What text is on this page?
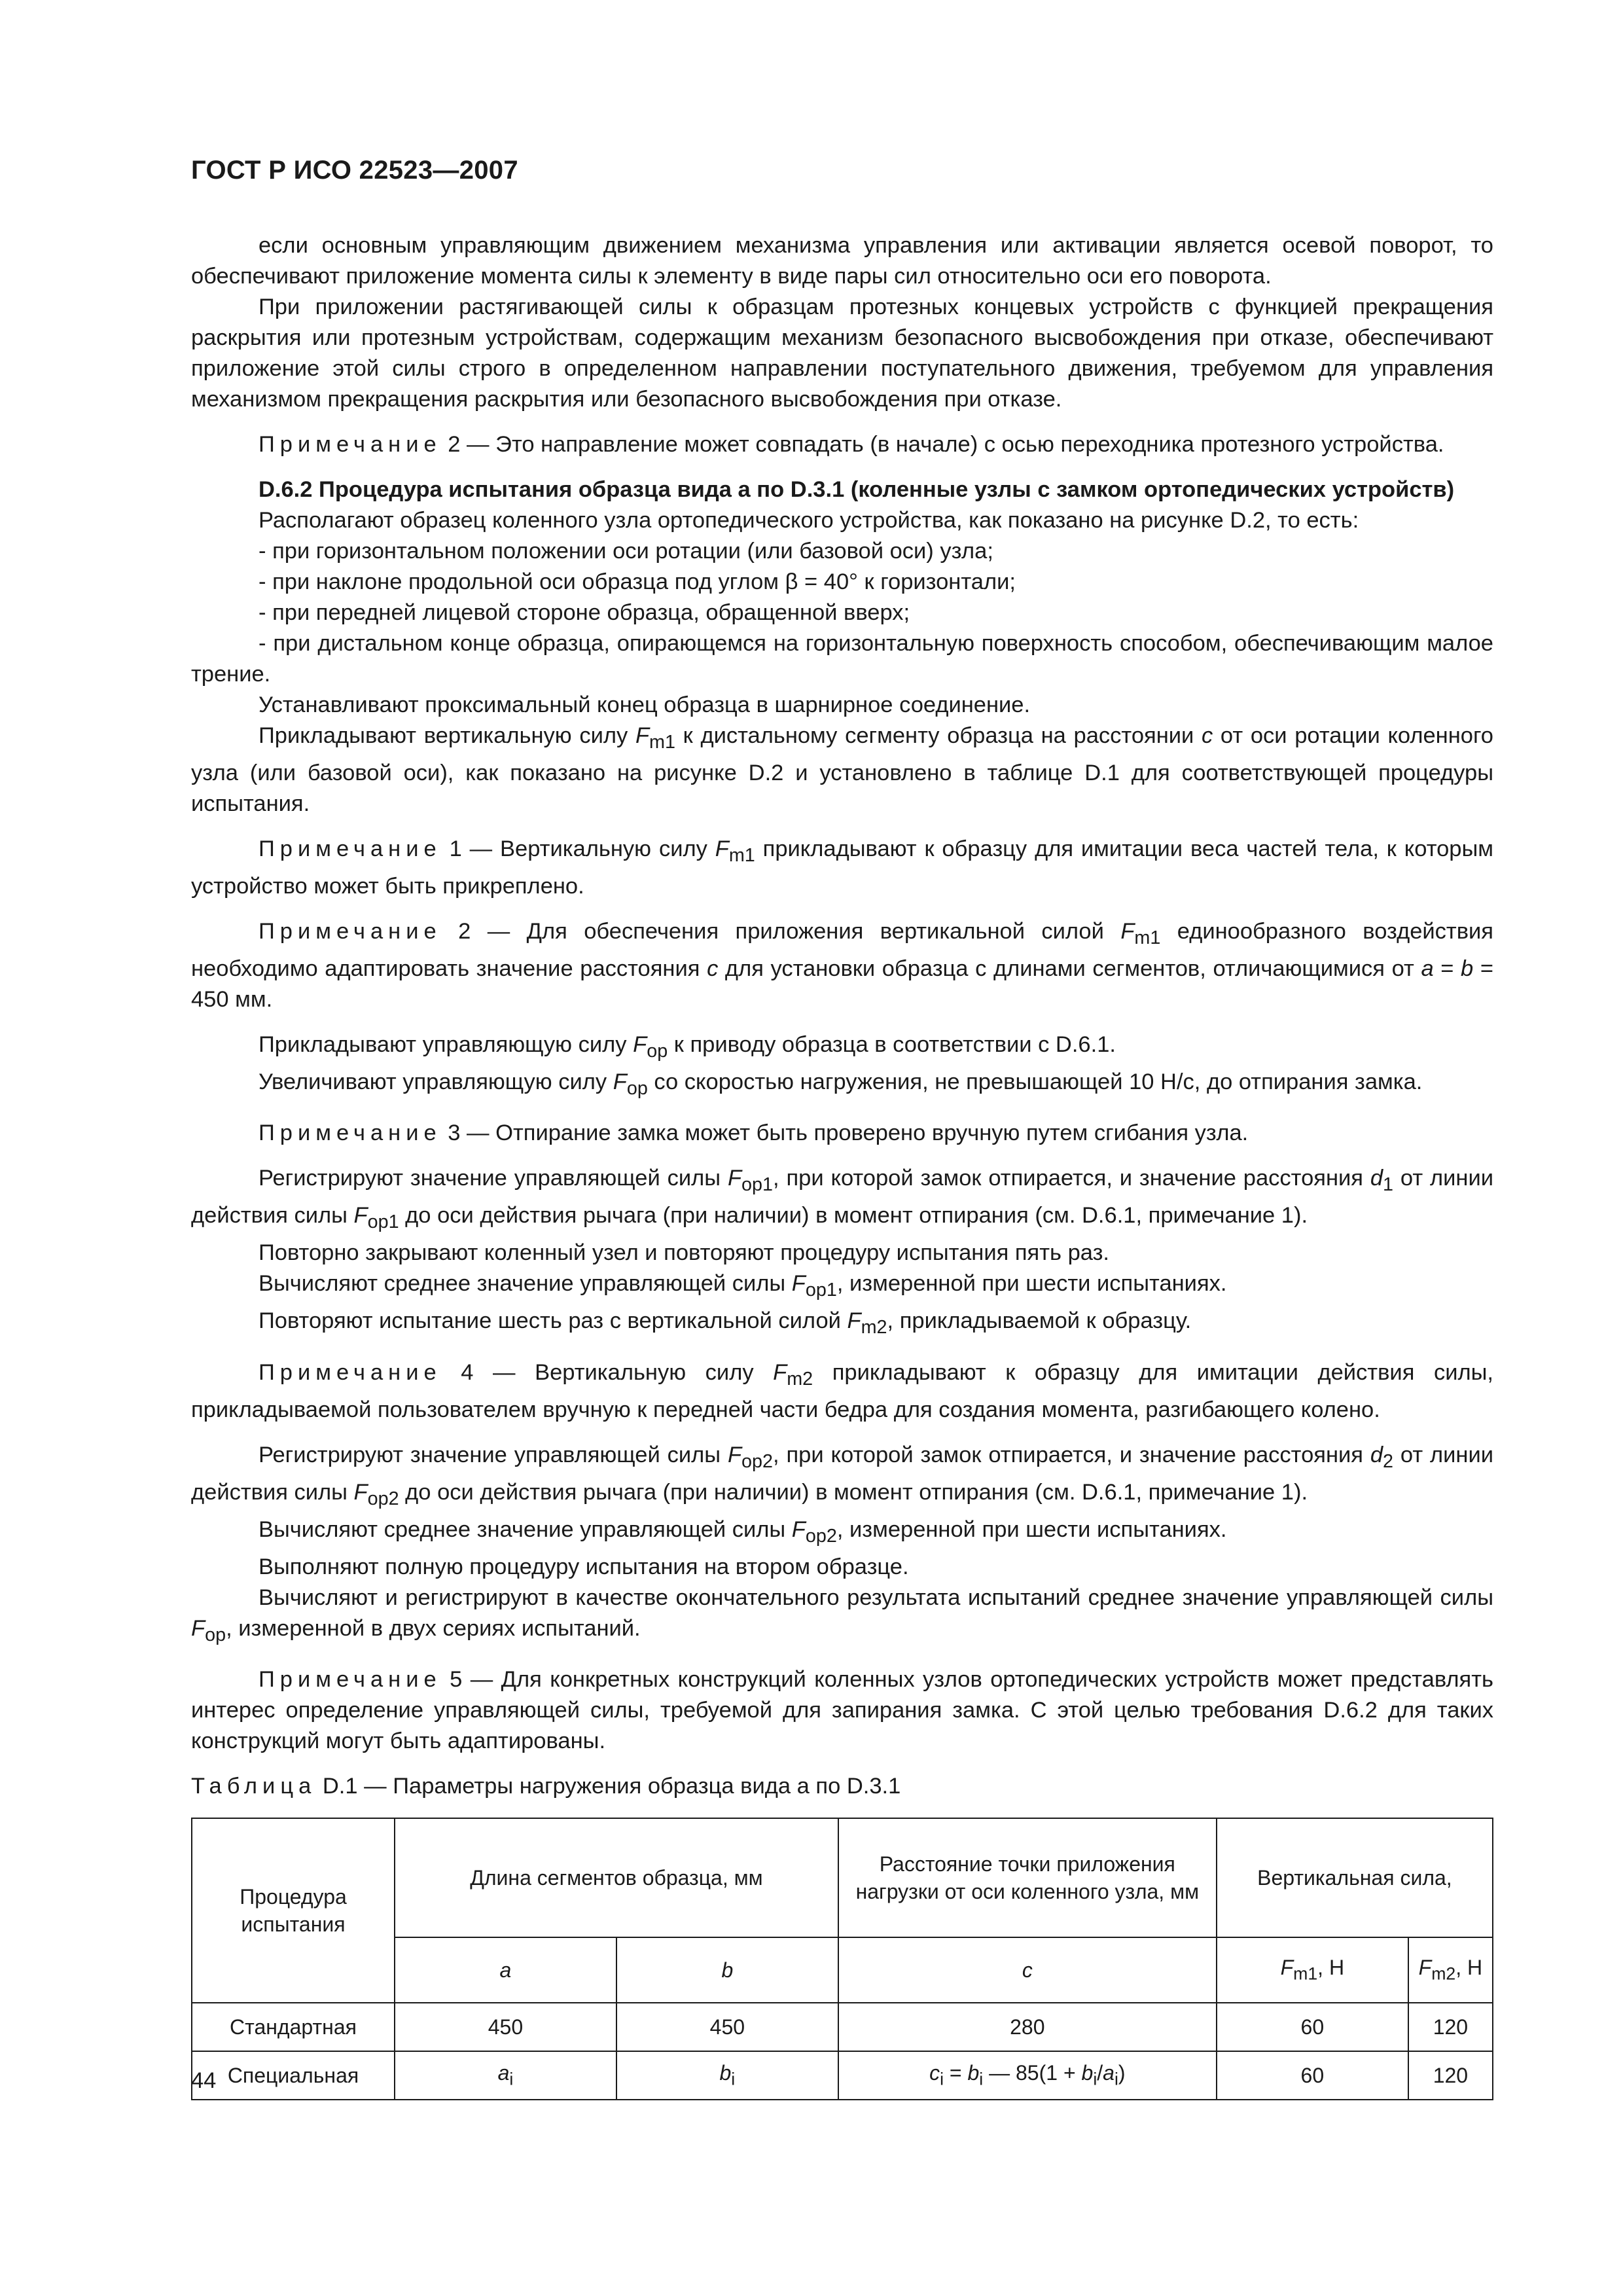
ГОСТ Р ИСО 22523—2007

если основным управляющим движением механизма управления или активации является осевой поворот, то обеспечивают приложение момента силы к элементу в виде пары сил относительно оси его поворота.

При приложении растягивающей силы к образцам протезных концевых устройств с функцией прекращения раскрытия или протезным устройствам, содержащим механизм безопасного высвобождения при отказе, обеспечивают приложение этой силы строго в определенном направлении поступательного движения, требуемом для управления механизмом прекращения раскрытия или безопасного высвобождения при отказе.

Примечание 2 — Это направление может совпадать (в начале) с осью переходника протезного устройства.

D.6.2 Процедура испытания образца вида а по D.3.1 (коленные узлы с замком ортопедических устройств)

Располагают образец коленного узла ортопедического устройства, как показано на рисунке D.2, то есть:

- при горизонтальном положении оси ротации (или базовой оси) узла;

- при наклоне продольной оси образца под углом β = 40° к горизонтали;

- при передней лицевой стороне образца, обращенной вверх;

- при дистальном конце образца, опирающемся на горизонтальную поверхность способом, обеспечивающим малое трение.

Устанавливают проксимальный конец образца в шарнирное соединение.

Прикладывают вертикальную силу $F_{m1}$ к дистальному сегменту образца на расстоянии c от оси ротации коленного узла (или базовой оси), как показано на рисунке D.2 и установлено в таблице D.1 для соответствующей процедуры испытания.

Примечание 1 — Вертикальную силу $F_{m1}$ прикладывают к образцу для имитации веса частей тела, к которым устройство может быть прикреплено.

Примечание 2 — Для обеспечения приложения вертикальной силой $F_{m1}$ единообразного воздействия необходимо адаптировать значение расстояния c для установки образца с длинами сегментов, отличающимися от a = b = 450 мм.

Прикладывают управляющую силу $F_{op}$ к приводу образца в соответствии с D.6.1.

Увеличивают управляющую силу $F_{op}$ со скоростью нагружения, не превышающей 10 Н/с, до отпирания замка.

Примечание 3 — Отпирание замка может быть проверено вручную путем сгибания узла.

Регистрируют значение управляющей силы $F_{op1}$, при которой замок отпирается, и значение расстояния $d_1$ от линии действия силы $F_{op1}$ до оси действия рычага (при наличии) в момент отпирания (см. D.6.1, примечание 1).

Повторно закрывают коленный узел и повторяют процедуру испытания пять раз.

Вычисляют среднее значение управляющей силы $F_{op1}$, измеренной при шести испытаниях.

Повторяют испытание шесть раз с вертикальной силой $F_{m2}$, прикладываемой к образцу.

Примечание 4 — Вертикальную силу $F_{m2}$ прикладывают к образцу для имитации действия силы, прикладываемой пользователем вручную к передней части бедра для создания момента, разгибающего колено.

Регистрируют значение управляющей силы $F_{op2}$, при которой замок отпирается, и значение расстояния $d_2$ от линии действия силы $F_{op2}$ до оси действия рычага (при наличии) в момент отпирания (см. D.6.1, примечание 1).

Вычисляют среднее значение управляющей силы $F_{op2}$, измеренной при шести испытаниях.

Выполняют полную процедуру испытания на втором образце.

Вычисляют и регистрируют в качестве окончательного результата испытаний среднее значение управляющей силы $F_{op}$, измеренной в двух сериях испытаний.

Примечание 5 — Для конкретных конструкций коленных узлов ортопедических устройств может представлять интерес определение управляющей силы, требуемой для запирания замка. С этой целью требования D.6.2 для таких конструкций могут быть адаптированы.

Таблица D.1 — Параметры нагружения образца вида а по D.3.1

Процедура испытания	Длина сегментов образца, мм		Расстояние точки приложения нагрузки от оси коленного узла, мм	Вертикальная сила,	
	a	b	c	$F_{m1}$, Н	$F_{m2}$, Н
Стандартная	450	450	280	60	120
Специальная	$a_i$	$b_i$	$c_i = b_i$ — $85(1 + b_i/a_i)$	60	120
44
